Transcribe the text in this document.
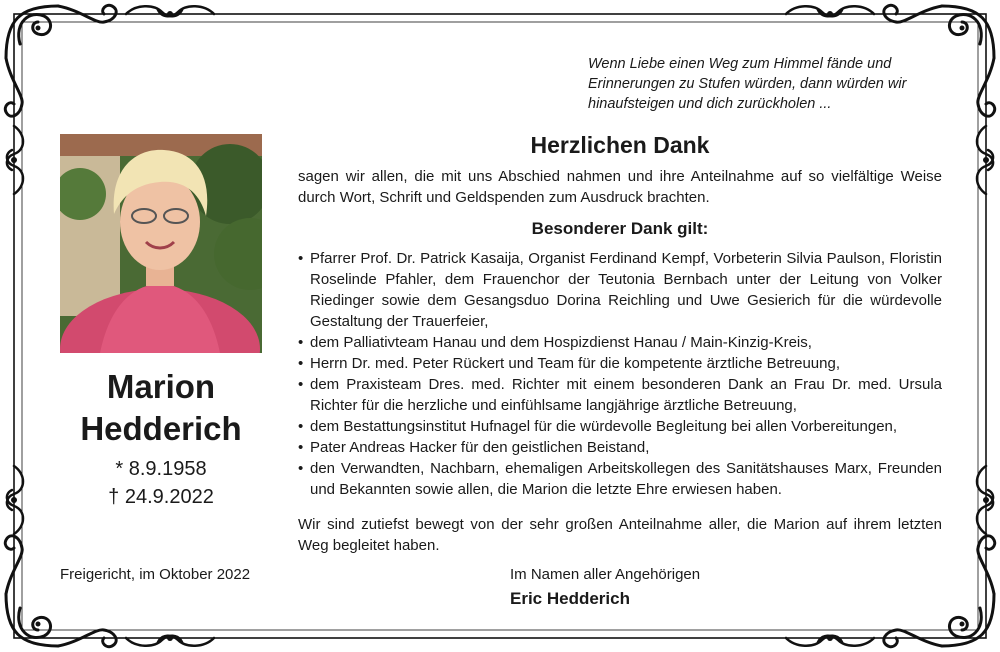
Wenn Liebe einen Weg zum Himmel fände und
Erinnerungen zu Stufen würden, dann würden wir
hinaufsteigen und dich zurückholen ...
Marion
Hedderich
* 8.9.1958
† 24.9.2022
Freigericht, im Oktober 2022
Herzlichen Dank
sagen wir allen, die mit uns Abschied nahmen und ihre Anteilnahme auf so vielfältige Weise durch Wort, Schrift und Geldspenden zum Ausdruck brachten.
Besonderer Dank gilt:
• Pfarrer Prof. Dr. Patrick Kasaija, Organist Ferdinand Kempf, Vorbeterin Silvia Paulson, Floristin Roselinde Pfahler, dem Frauenchor der Teutonia Bernbach unter der Leitung von Volker Riedinger sowie dem Gesangsduo Dorina Reichling und Uwe Gesierich für die würdevolle Gestaltung der Trauerfeier,
• dem Palliativteam Hanau und dem Hospizdienst Hanau / Main-Kinzig-Kreis,
• Herrn Dr. med. Peter Rückert und Team für die kompetente ärztliche Betreuung,
• dem Praxisteam Dres. med. Richter mit einem besonderen Dank an Frau Dr. med. Ursula Richter für die herzliche und einfühlsame langjährige ärztliche Betreuung,
• dem Bestattungsinstitut Hufnagel für die würdevolle Begleitung bei allen Vorbereitungen,
• Pater Andreas Hacker für den geistlichen Beistand,
• den Verwandten, Nachbarn, ehemaligen Arbeitskollegen des Sanitätshauses Marx, Freunden und Bekannten sowie allen, die Marion die letzte Ehre erwiesen haben.
Wir sind zutiefst bewegt von der sehr großen Anteilnahme aller, die Marion auf ihrem letzten Weg begleitet haben.
Im Namen aller Angehörigen
Eric Hedderich
